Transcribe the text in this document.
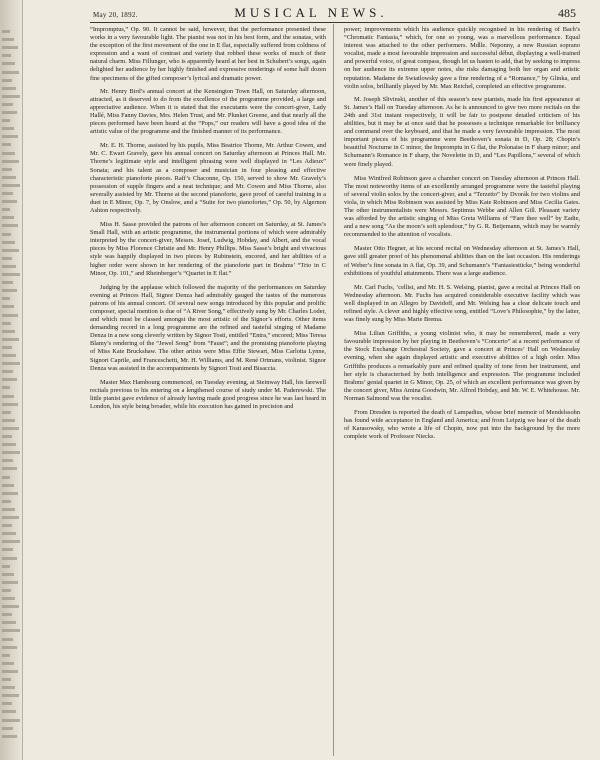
May 20, 1892.	MUSICAL NEWS.	485

“Impromptus,” Op. 90. It cannot be said, however, that the performance presented these works in a very favourable light. The pianist was not in his best form, and the sonatas, with the exception of the first movement of the one in E flat, especially suffered from coldness of expression and a want of contrast and variety that robbed these works of much of their natural charm. Miss Fillunger, who is apparently heard at her best in Schubert’s songs, again delighted her audience by her highly finished and expressive renderings of some half dozen fine specimens of the gifted composer’s lyrical and dramatic power.

Mr. Henry Bird’s annual concert at the Kensington Town Hall, on Saturday afternoon, attracted, as it deserved to do from the excellence of the programme provided, a large and appreciative audience. When it is stated that the executants were the concert-giver, Lady Hallé, Miss Fanny Davies, Mrs. Helen Trust, and Mr. Plunket Greene, and that nearly all the pieces performed have been heard at the “Pops,” our readers will have a good idea of the artistic value of the programme and the finished manner of its performance.

Mr. E. H. Thorne, assisted by his pupils, Miss Beatrice Thorne, Mr. Arthur Cowen, and Mr. C. Ewart Gravely, gave his annual concert on Saturday afternoon at Princes Hall. Mr. Thorne’s legitimate style and intelligent phrasing were well displayed in “Les Adieux” Sonata; and his talent as a composer and musician in four pleasing and effective characteristic pianoforte pieces. Raff’s Chaconne, Op. 150, served to show Mr. Gravely’s possession of supple fingers and a neat technique; and Mr. Cowen and Miss Thorne, also severally assisted by Mr. Thorne at the second pianoforte, gave proof of careful training in a duet in E Minor, Op. 7, by Onslow, and a “Suite for two pianofortes,” Op. 50, by Algernon Ashton respectively.

Miss H. Sasse provided the patrons of her afternoon concert on Saturday, at St. James’s Small Hall, with an artistic programme, the instrumental portions of which were admirably interpreted by the concert-giver, Messrs. Josef, Ludwig, Hobday, and Albert, and the vocal pieces by Miss Florence Christie and Mr. Henry Phillips. Miss Sasse’s bright and vivacious style was happily displayed in two pieces by Rubinstein, encored, and her abilities of a higher order were shown in her rendering of the pianoforte part in Brahms’ “Trio in C Minor, Op. 101,” and Rheinberger’s “Quartet in E flat.”

Judging by the applause which followed the majority of the performances on Saturday evening at Princes Hall, Signor Denza had admirably gauged the tastes of the numerous patrons of his annual concert. Of several new songs introduced by this popular and prolific composer, special mention is due of “A River Song,” effectively sung by Mr. Charles Loder, and which must be classed amongst the most artistic of the Signor’s efforts. Other items demanding record in a long programme are the refined and tasteful singing of Madame Denza in a new song cleverly written by Signor Tosti, entitled “Entra,” encored; Miss Teresa Blamy’s rendering of the “Jewel Song” from “Faust”; and the promising pianoforte playing of Miss Kate Bruckshaw. The other artists were Miss Effie Stewart, Miss Carlotta Lynne, Signori Caprile, and Franceschetti, Mr. H. Williams, and M. René Ortmans, violinist. Signor Denza was assisted in the accompaniments by Signori Tosti and Bisaccia.

Master Max Hambourg commenced, on Tuesday evening, at Steinway Hall, his farewell recitals previous to his entering on a lengthened course of study under M. Paderewski. The little pianist gave evidence of already having made good progress since he was last heard in London, his style being broader, while his execution has gained in precision and

power; improvements which his audience quickly recognised in his rendering of Bach’s “Chromatic Fantasia,” which, for one so young, was a marvellous performance. Equal interest was attached to the other performers. Mdlle. Neponny, a new Russian soprano vocalist, made a most favourable impression and successful début, displaying a well-trained and powerful voice, of great compass, though let us hasten to add, that by seeking to impress on her audience its extreme upper notes, she risks damaging both her organ and artistic reputation. Madame de Swiatlowsky gave a fine rendering of a “Romance,” by Glinka, and violin solos, brilliantly played by Mr. Max Reichel, completed an effective programme.

M. Joseph Slivinski, another of this season’s new pianists, made his first appearance at St. James’s Hall on Tuesday afternoon. As he is announced to give two more recitals on the 24th and 31st instant respectively, it will be fair to postpone detailed criticism of his abilities, but it may be at once said that he possesses a technique remarkable for brilliancy and command over the keyboard, and that he made a very favourable impression. The most important pieces of his programme were Beethoven’s sonata in D, Op. 28; Chopin’s beautiful Nocturne in C minor, the Impromptu in G flat, the Polonaise in F sharp minor; and Schumann’s Romance in F sharp, the Novelette in D, and “Les Papillons,” several of which were finely played.

Miss Winifred Robinson gave a chamber concert on Tuesday afternoon at Princes Hall. The most noteworthy items of an excellently arranged programme were the tasteful playing of several violin solos by the concert-giver, and a “Terzetto” by Dvorák for two violins and viola, in which Miss Robinson was assisted by Miss Kate Robinson and Miss Cecilia Gates. The other instrumentalists were Messrs. Septimus Webbe and Allen Gill. Pleasant variety was afforded by the artistic singing of Miss Greta Williams of “Fare thee well” by Eadie, and a new song “As the moon’s soft splendour,” by G. R. Betjemann, which may be warmly recommended to the attention of vocalists.

Master Otto Hegner, at his second recital on Wednesday afternoon at St. James’s Hall, gave still greater proof of his phenomenal abilities than on the last occasion. His renderings of Weber’s fine sonata in A flat, Op. 39, and Schumann’s “Fantasiestücke,” being wonderful exhibitions of youthful attainments. There was a large audience.

Mr. Carl Fuchs, ’cellist, and Mr. H. S. Welsing, pianist, gave a recital at Princes Hall on Wednesday afternoon. Mr. Fuchs has acquired considerable executive facility which was well displayed in an Allegro by Davidoff, and Mr. Welsing has a clear delicate touch and refined style. A clever and highly effective song, entitled “Love’s Philosophie,” by the latter, was finely sung by Miss Marie Brema.

Miss Lilian Griffiths, a young violinist who, it may be remembered, made a very favourable impression by her playing in Beethoven’s “Concerto” at a recent performance of the Stock Exchange Orchestral Society, gave a concert at Princes’ Hall on Wednesday evening, when she again displayed artistic and executive abilities of a high order. Miss Griffiths produces a remarkably pure and refined quality of tone from her instrument, and her style is characterised by both intelligence and expression. The programme included Brahms’ genial quartet in G Minor, Op. 25, of which an excellent performance was given by the concert giver, Miss Amina Goodwin, Mr. Alfred Hobday, and Mr. W. E. Whitehouse. Mr. Norman Salmond was the vocalist.

From Dresden is reported the death of Lampadius, whose brief memoir of Mendelssohn has found wide acceptance in England and America; and from Leipzig we hear of the death of Karasowsky, who wrote a life of Chopin, now put into the background by the more complete work of Professor Niecks.
